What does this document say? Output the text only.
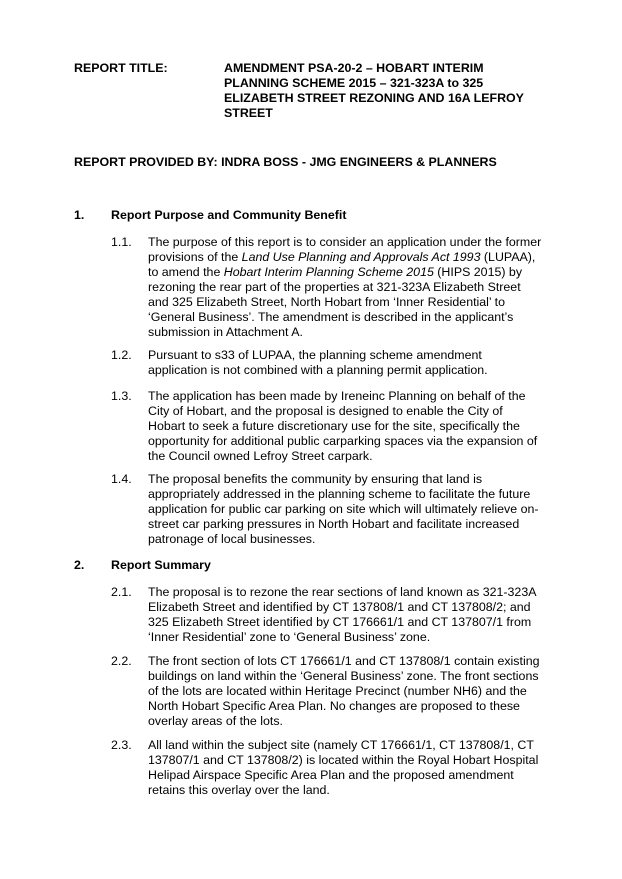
REPORT TITLE:	AMENDMENT PSA-20-2 – HOBART INTERIM
PLANNING SCHEME 2015 – 321-323A to 325
ELIZABETH STREET REZONING AND 16A LEFROY
STREET
REPORT PROVIDED BY: INDRA BOSS - JMG ENGINEERS & PLANNERS
1. Report Purpose and Community Benefit
1.1. The purpose of this report is to consider an application under the former
provisions of the Land Use Planning and Approvals Act 1993 (LUPAA),
to amend the Hobart Interim Planning Scheme 2015 (HIPS 2015) by
rezoning the rear part of the properties at 321-323A Elizabeth Street
and 325 Elizabeth Street, North Hobart from ‘Inner Residential’ to
‘General Business’. The amendment is described in the applicant’s
submission in Attachment A.
1.2. Pursuant to s33 of LUPAA, the planning scheme amendment
application is not combined with a planning permit application.
1.3. The application has been made by Ireneinc Planning on behalf of the
City of Hobart, and the proposal is designed to enable the City of
Hobart to seek a future discretionary use for the site, specifically the
opportunity for additional public carparking spaces via the expansion of
the Council owned Lefroy Street carpark.
1.4. The proposal benefits the community by ensuring that land is
appropriately addressed in the planning scheme to facilitate the future
application for public car parking on site which will ultimately relieve on-
street car parking pressures in North Hobart and facilitate increased
patronage of local businesses.
2. Report Summary
2.1. The proposal is to rezone the rear sections of land known as 321-323A
Elizabeth Street and identified by CT 137808/1 and CT 137808/2; and
325 Elizabeth Street identified by CT 176661/1 and CT 137807/1 from
‘Inner Residential’ zone to ‘General Business’ zone.
2.2. The front section of lots CT 176661/1 and CT 137808/1 contain existing
buildings on land within the ‘General Business’ zone. The front sections
of the lots are located within Heritage Precinct (number NH6) and the
North Hobart Specific Area Plan. No changes are proposed to these
overlay areas of the lots.
2.3. All land within the subject site (namely CT 176661/1, CT 137808/1, CT
137807/1 and CT 137808/2) is located within the Royal Hobart Hospital
Helipad Airspace Specific Area Plan and the proposed amendment
retains this overlay over the land.
